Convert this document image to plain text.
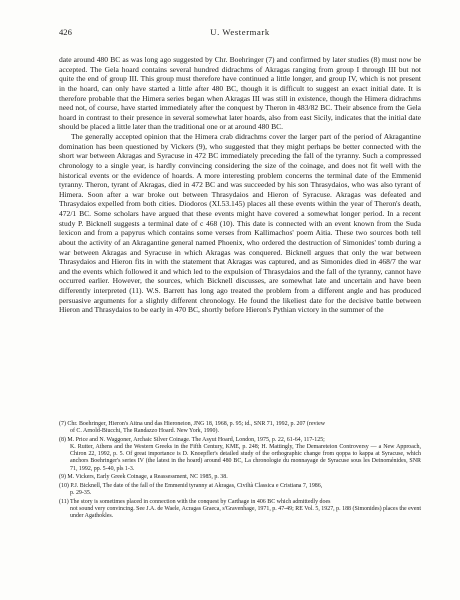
426	U. Westermark

date around 480 BC as was long ago suggested by Chr. Boehringer (7) and confirmed by later studies (8) must now be accepted. The Gela hoard contains several hundred didrachms of Akragas ranging from group I through III but not quite the end of group III. This group must therefore have continued a little longer, and group IV, which is not present in the hoard, can only have started a little after 480 BC, though it is difficult to suggest an exact initial date. It is therefore probable that the Himera series began when Akragas III was still in existence, though the Himera didrachms need not, of course, have started immediately after the conquest by Theron in 483/82 BC. Their absence from the Gela hoard in contrast to their presence in several somewhat later hoards, also from east Sicily, indicates that the initial date should be placed a little later than the traditional one or at around 480 BC.

The generally accepted opinion that the Himera crab didrachms cover the larger part of the period of Akragantine domination has been questioned by Vickers (9), who suggested that they might perhaps be better connected with the short war between Akragas and Syracuse in 472 BC immediately preceding the fall of the tyranny. Such a compressed chronology to a single year, is hardly convincing considering the size of the coinage, and does not fit well with the historical events or the evidence of hoards. A more interesting problem concerns the terminal date of the Emmenid tyranny. Theron, tyrant of Akragas, died in 472 BC and was succeeded by his son Thrasydaios, who was also tyrant of Himera. Soon after a war broke out between Thrasydaios and Hieron of Syracuse. Akragas was defeated and Thrasydaios expelled from both cities. Diodoros (XI.53.145) places all these events within the year of Theron's death, 472/1 BC. Some scholars have argued that these events might have covered a somewhat longer period. In a recent study P. Bicknell suggests a terminal date of c 468 (10). This date is connected with an event known from the Suda lexicon and from a papyrus which contains some verses from Kallimachos' poem Aitia. These two sources both tell about the activity of an Akragantine general named Phoenix, who ordered the destruction of Simonides' tomb during a war between Akragas and Syracuse in which Akragas was conquered. Bicknell argues that only the war between Thrasydaios and Hieron fits in with the statement that Akragas was captured, and as Simonides died in 468/7 the war and the events which followed it and which led to the expulsion of Thrasydaios and the fall of the tyranny, cannot have occurred earlier. However, the sources, which Bicknell discusses, are somewhat late and uncertain and have been differently interpreted (11). W.S. Barrett has long ago treated the problem from a different angle and has produced persuasive arguments for a slightly different chronology. He found the likeliest date for the decisive battle between Hieron and Thrasydaios to be early in 470 BC, shortly before Hieron's Pythian victory in the summer of the

(7) Chr. Boehringer, Hieron's Aitna und das Hieroneion, JNG 18, 1968, p. 95; id., SNR 71, 1992, p. 207 (review
of C. Arnold-Biucchi, The Randazzo Hoard. New York, 1990).

(8) M. Price and N. Waggoner, Archaic Silver Coinage. The Asyut Hoard, London, 1975, p. 22, 61-64, 117-125;
K. Rutter, Athens and the Western Greeks in the Fifth Century, KME, p. 248; H. Mattingly, The Demareteion Controversy — a New Approach, Chiron 22, 1992, p. 5. Of great importance is D. Knoepfler's detailed study of the orthographic change from qoppa to kappa at Syracuse, which anchors Boehringer's series IV (the latest in the hoard) around 480 BC, La chronologie du monnayage de Syracuse sous les Deinoménides, SNR 71, 1992, pp. 5-40, pls 1-3.

(9) M. Vickers, Early Greek Coinage, a Reassessment, NC 1985, p. 38.

(10) P.J. Bicknell, The date of the fall of the Emmenid tyranny at Akragas, Civiltà Classica e Cristiana 7, 1986,
p. 29-35.

(11) The story is sometimes placed in connection with the conquest by Carthage in 406 BC which admittedly does
not sound very convincing. See J.A. de Waele, Acragas Graeca, s'Gravenhage, 1971, p. 47-49; RE Vol. 5, 1927, p. 188 (Simonides) places the event under Agathokles.
